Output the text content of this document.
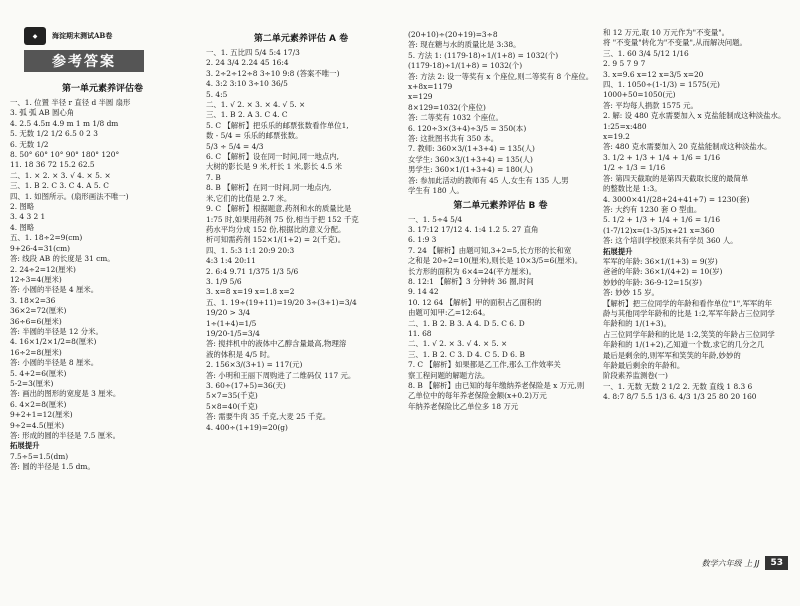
◆	海淀期末测试AB卷
参考答案
第一单元素养评估卷
一、1. 位置 半径 r 直径 d 半圆 扇形
3. 弧 弧 AB 圆心角
4. 2.5 4.5π 4.9 m 1 m 1/8 dm
5. 无数 1/2 1/2 6.5 0 2 3
6. 无数 1/2
8. 50° 60° 10° 90° 180° 120°
11. 18 36 72 15.2 62.5
二、1. × 2. × 3. √ 4. × 5. ×
三、1. B 2. C 3. C 4. A 5. C
四、1. 如图所示。(扇形画法不唯一)
2. 图略
3. 4 3 2 1
4. 图略
五、1. 18÷2=9(cm)
9+26-4=31(cm)
答: 线段 AB 的长度是 31 cm。
2. 24÷2=12(厘米)
12÷3=4(厘米)
答: 小圆的半径是 4 厘米。
3. 18×2=36
36×2=72(厘米)
36÷6=6(厘米)
答: 半圆的半径是 12 分米。
4. 16×1/2×1/2=8(厘米)
16÷2=8(厘米)
答: 小圆的半径是 8 厘米。
5. 4+2=6(厘米)
5-2=3(厘米)
答: 画出的图形的宽度是 3 厘米。
6. 4×2=8(厘米)
9+2+1=12(厘米)
9÷2=4.5(厘米)
答: 形成的圆的半径是 7.5 厘米。
拓展提升
7.5÷5=1.5(dm)
答: 圆的半径是 1.5 dm。
第二单元素养评估 A 卷
一、1. 五比四 5/4 5:4 17/3
2. 24 3/4 2.24 45 16:4
3. 2÷2÷12÷8 3÷10 9:8 (答案不唯一)
4. 3:2 3:10 3÷10 36/5
5. 4:5
二、1. √ 2. × 3. × 4. √ 5. ×
三、1. B 2. A 3. C 4. C
5. C 【解析】把乐乐的邮票张数看作单位1,
数 - 5/4 = 乐乐的邮票张数。
5/3 ÷ 5/4 = 4/3
6. C 【解析】设在同一时间,同一地点内,
大树的影长是 9 米,杆长 1 米,影长 4.5 米
7. B
8. B 【解析】在同一时间,同一地点内,
米,它们的比值是 2.7 米。
9. C 【解析】根据题意,药剂和水的质量比是
1:75 时,如果用药剂 75 份,相当于把 152 千克
药水平均分成 152 份,根据比的意义分配。
析可知需药剂 152×1/(1+2) = 2(千克)。
四、1. 5:3 1:1 20:9 20:3
4:3 1:4 20:11
2. 6:4 9.71 1/375 1/3 5/6
3. 1/9 5/6
3. x=8 x=19 x=1.8 x=2
五、1. 19÷(19+11)=19/20 3÷(3+1)=3/4
19/20 > 3/4
1÷(1+4)=1/5
19/20-1/5=3/4
答: 搅拌机中的液体中乙醇含量最高,物理溶
液的体积是 4/5 时。
2. 156×3/(3+1) = 117(元)
答: 小明和王丽下周购进了二维码仅 117 元。
3. 60÷(17+5)=36(天)
5×7=35(千克)
5×8=40(千克)
答: 需要牛肉 35 千克,大麦 25 千克。
4. 400÷(1+19)=20(g)
(20+10)÷(20+19)=3÷8
答: 现在糖与水的质量比是 3:38。
5. 方法 1: (1179-18)÷1/(1+8) = 1032(个)
(1179-18)÷1/(1+8) = 1032(个)
答: 方法 2: 设一等奖有 x 个座位,则二等奖有 8 个座位。
x+8x=1179
x=129
8×129=1032(个座位)
答: 二等奖有 1032 个座位。
6. 120÷3×(3+4)÷3/5 = 350(本)
答: 这批图书共有 350 本。
7. 教师: 360×3/(1+3+4) = 135(人)
女学生: 360×3/(1+3+4) = 135(人)
男学生: 360×1/(1+3+4) = 180(人)
答: 参加此活动的教师有 45 人,女生有 135 人,男
学生有 180 人。
第二单元素养评估 B 卷
一、1. 5÷4 5/4
3. 17:12 17/12 4. 1:4 1.2 5. 27 直角
6. 1:9 3
7. 24 【解析】由题可知,3+2=5,长方形的长和宽
之和是 20÷2=10(厘米),则长是 10×3/5=6(厘米)。
长方形的面积为 6×4=24(平方厘米)。
8. 12:1 【解析】3 分钟转 36 圈,时间
9. 14 42
10. 12 64 【解析】甲的面积占乙面积的
由题可知甲:乙=12:64。
二、1. B 2. B 3. A 4. D 5. C 6. D
11. 68
二、1. √ 2. × 3. √ 4. × 5. ×
三、1. B 2. C 3. D 4. C 5. D 6. B
7. C 【解析】如果都是乙工作,那么工作效率关
察工程问题的解题方法。
8. B 【解析】由已知的每年缴纳养老保险是 x 万元,则
乙单位中的每年养老保险金额(x+0.2)万元
年纳养老保险比乙单位多 18 万元
和 12 万元,取 10 万元作为"不变量"。
将 "不变量"转化为"不变量",从而解决问题。
三、1. 60 3/4 5/12 1/16
2. 9 5 7 9 7
3. x=9.6 x=12 x=3/5 x=20
四、1. 1050÷(1-1/3) = 1575(元)
1000+50=1050(元)
答: 平均每人捐款 1575 元。
2. 解: 设 480 克水需要加入 x 克盐能制成这种淡盐水。
1:25=x:480
x=19.2
答: 480 克水需要加入 20 克盐能制成这种淡盐水。
3. 1/2 + 1/3 + 1/4 + 1/6 = 1/16
1/2 ÷ 1/3 = 1/16
答: 第四天截取的是第四天截取长度的最简单
的整数比是 1:3。
4. 3000×41/(28+24+41+7) = 1230(套)
答: 大约有 1230 套 O 型血。
5. 1/2 + 1/3 + 1/4 + 1/6 = 1/16
(1-7/12)x=(1-3/5)x+21 x=360
答: 这个培训学校原来共有学员 360 人。
拓展提升
军军的年龄: 36×1/(1+3) = 9(岁)
爸爸的年龄: 36×1/(4+2) = 10(岁)
妙妙的年龄: 36-9-12=15(岁)
答: 妙妙 15 岁。
【解析】把三位同学的年龄和看作单位"1",军军的年
龄与其他同学年龄和的比是 1:2,军军年龄占三位同学
年龄和的 1/(1+3)。
占三位同学年龄和的比是 1:2,笑笑的年龄占三位同学
年龄和的 1/(1+2),乙知道一个数,求它的几分之几
最后是剩余的,则军军和笑笑的年龄,妙妙的
年龄最后剩余的年龄和。
阶段素养监测卷(一)
一、1. 无数 无数 2 1/2 2. 无数 直线 1 8.3 6
4. 8:7 8/7 5.5 1/3 6. 4/3 1/3 25 80 20 160
数学六年级 上 JJ	53
